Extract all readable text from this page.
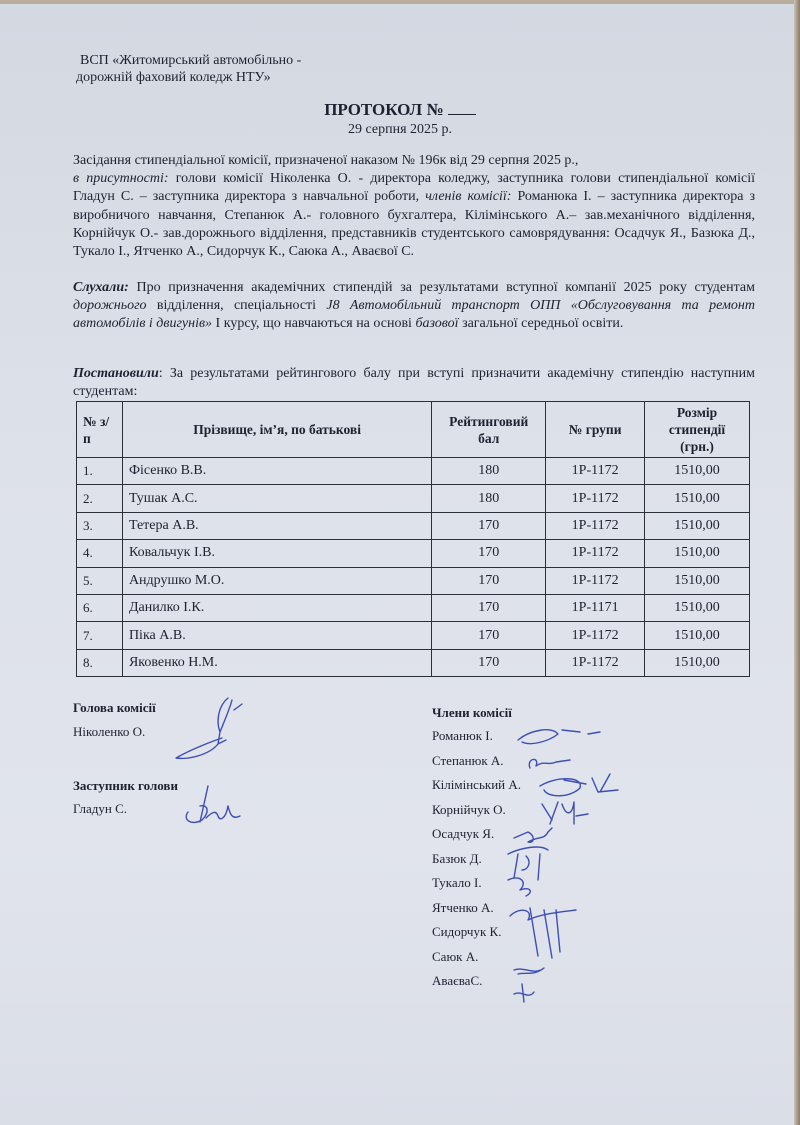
ВСП «Житомирський автомобільно -
дорожній фаховий коледж НТУ»
ПРОТОКОЛ №
29 серпня 2025 р.
Засідання стипендіальної комісії, призначеної наказом № 196к від 29 серпня 2025 р.,
в присутності: голови комісії Ніколенка О. - директора коледжу, заступника голови стипендіальної комісії Гладун С. – заступника директора з навчальної роботи, членів комісії: Романюка І. – заступника директора з виробничого навчання, Степанюк А.- головного бухгалтера, Кілімінського А.– зав.механічного відділення, Корнійчук О.- зав.дорожнього відділення, представників студентського самоврядування: Осадчук Я., Базюка Д., Тукало І., Ятченко А., Сидорчук К., Саюка А., Аваєвої С.
Слухали: Про призначення академічних стипендій за результатами вступної компанії 2025 року студентам дорожнього відділення, спеціальності J8 Автомобільний транспорт ОПП «Обслуговування та ремонт автомобілів і двигунів» І курсу, що навчаються на основі базової загальної середньої освіти.
Постановили: За результатами рейтингового балу при вступі призначити академічну стипендію наступним студентам:
№ з/п	Прізвище, ім’я, по батькові	Рейтинговий бал	№ групи	Розмір стипендії (грн.)
1.	Фісенко В.В.	180	1Р-1172	1510,00
2.	Тушак А.С.	180	1Р-1172	1510,00
3.	Тетера А.В.	170	1Р-1172	1510,00
4.	Ковальчук І.В.	170	1Р-1172	1510,00
5.	Андрушко М.О.	170	1Р-1172	1510,00
6.	Данилко І.К.	170	1Р-1171	1510,00
7.	Піка А.В.	170	1Р-1172	1510,00
8.	Яковенко Н.М.	170	1Р-1172	1510,00
Голова комісії
Ніколенко О.
Заступник голови
Гладун С.
Члени комісії
Романюк І.
Степанюк А.
Кілімінський А.
Корнійчук О.
Осадчук Я.
Базюк Д.
Тукало І.
Ятченко А.
Сидорчук К.
Саюк А.
АваєваС.
